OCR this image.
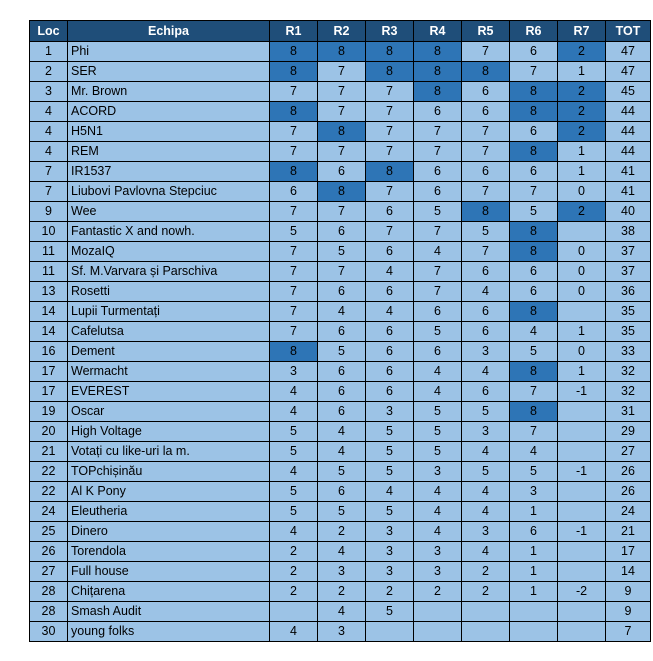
Loc	Echipa	R1	R2	R3	R4	R5	R6	R7	TOT
1	Phi	8	8	8	8	7	6	2	47
2	SER	8	7	8	8	8	7	1	47
3	Mr. Brown	7	7	7	8	6	8	2	45
4	ACORD	8	7	7	6	6	8	2	44
4	H5N1	7	8	7	7	7	6	2	44
4	REM	7	7	7	7	7	8	1	44
7	IR1537	8	6	8	6	6	6	1	41
7	Liubovi Pavlovna Stepciuc	6	8	7	6	7	7	0	41
9	Wee	7	7	6	5	8	5	2	40
10	Fantastic X and nowh.	5	6	7	7	5	8		38
11	MozaIQ	7	5	6	4	7	8	0	37
11	Sf. M.Varvara și Parschiva	7	7	4	7	6	6	0	37
13	Rosetti	7	6	6	7	4	6	0	36
14	Lupii Turmentați	7	4	4	6	6	8		35
14	Cafelutsa	7	6	6	5	6	4	1	35
16	Dement	8	5	6	6	3	5	0	33
17	Wermacht	3	6	6	4	4	8	1	32
17	EVEREST	4	6	6	4	6	7	-1	32
19	Oscar	4	6	3	5	5	8		31
20	High Voltage	5	4	5	5	3	7		29
21	Votați cu like-uri la m.	5	4	5	5	4	4		27
22	TOPchișinău	4	5	5	3	5	5	-1	26
22	Al K Pony	5	6	4	4	4	3		26
24	Eleutheria	5	5	5	4	4	1		24
25	Dinero	4	2	3	4	3	6	-1	21
26	Torendola	2	4	3	3	4	1		17
27	Full house	2	3	3	3	2	1		14
28	Chițarena	2	2	2	2	2	1	-2	9
28	Smash Audit		4	5					9
30	young folks	4	3						7
